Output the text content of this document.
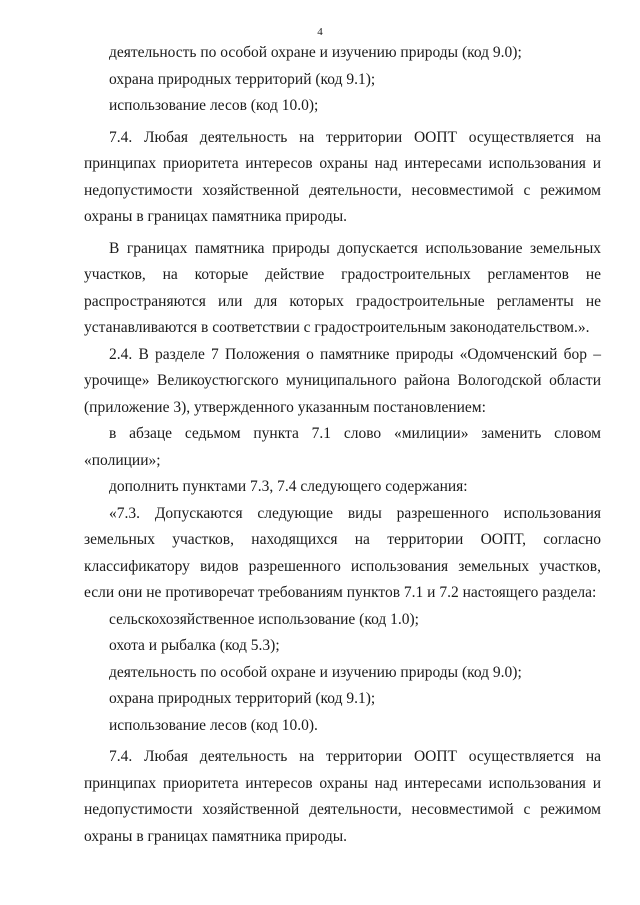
4

деятельность по особой охране и изучению природы (код 9.0);

охрана природных территорий (код 9.1);

использование лесов (код 10.0);

7.4. Любая деятельность на территории ООПТ осуществляется на принципах приоритета интересов охраны над интересами использования и недопустимости хозяйственной деятельности, несовместимой с режимом охраны в границах памятника природы.

В границах памятника природы допускается использование земельных участков, на которые действие градостроительных регламентов не распространяются или для которых градостроительные регламенты не устанавливаются в соответствии с градостроительным законодательством.».

2.4. В разделе 7 Положения о памятнике природы «Одомченский бор – урочище» Великоустюгского муниципального района Вологодской области (приложение 3), утвержденного указанным постановлением:

в абзаце седьмом пункта 7.1 слово «милиции» заменить словом «полиции»;

дополнить пунктами 7.3, 7.4 следующего содержания:

«7.3. Допускаются следующие виды разрешенного использования земельных участков, находящихся на территории ООПТ, согласно классификатору видов разрешенного использования земельных участков, если они не противоречат требованиям пунктов 7.1 и 7.2 настоящего раздела:

сельскохозяйственное использование (код 1.0);

охота и рыбалка (код 5.3);

деятельность по особой охране и изучению природы (код 9.0);

охрана природных территорий (код 9.1);

использование лесов (код 10.0).

7.4. Любая деятельность на территории ООПТ осуществляется на принципах приоритета интересов охраны над интересами использования и недопустимости хозяйственной деятельности, несовместимой с режимом охраны в границах памятника природы.
